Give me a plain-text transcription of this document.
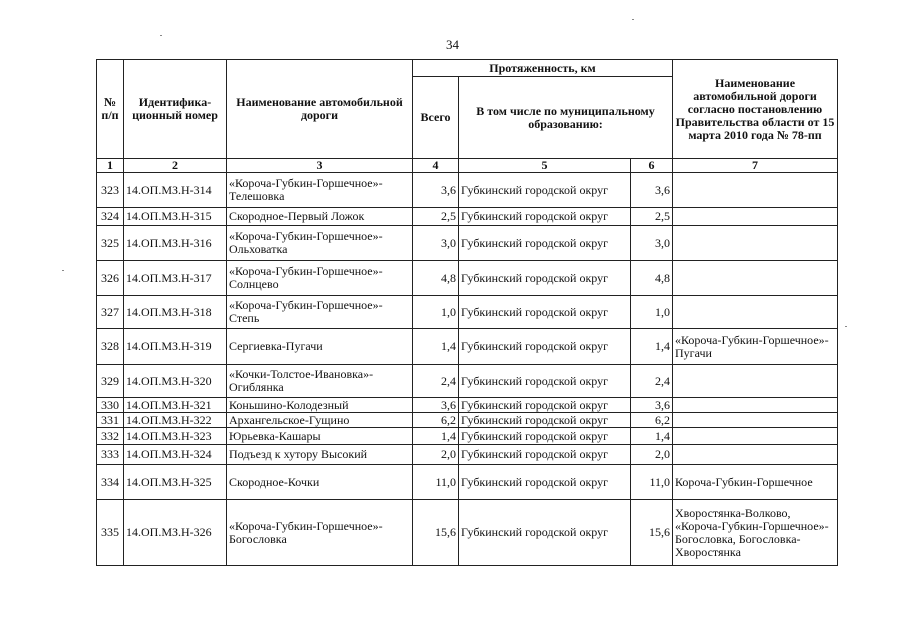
34
№ п/п	Идентифика-ционный номер	Наименование автомобильной дороги	Протяженность, км			Наименование автомобильной дороги согласно постановлению Правительства области от 15 марта 2010 года № 78-пп
			Всего	В том числе по муниципальному образованию:		
1	2	3	4	5	6	7
323	14.ОП.МЗ.Н-314	«Короча-Губкин-Горшечное»-Телешовка	3,6	Губкинский городской округ	3,6	
324	14.ОП.МЗ.Н-315	Скородное-Первый Ложок	2,5	Губкинский городской округ	2,5	
325	14.ОП.МЗ.Н-316	«Короча-Губкин-Горшечное»-Ольховатка	3,0	Губкинский городской округ	3,0	
326	14.ОП.МЗ.Н-317	«Короча-Губкин-Горшечное»-Солнцево	4,8	Губкинский городской округ	4,8	
327	14.ОП.МЗ.Н-318	«Короча-Губкин-Горшечное»-Степь	1,0	Губкинский городской округ	1,0	
328	14.ОП.МЗ.Н-319	Сергиевка-Пугачи	1,4	Губкинский городской округ	1,4	«Короча-Губкин-Горшечное»-Пугачи
329	14.ОП.МЗ.Н-320	«Кочки-Толстое-Ивановка»-Огиблянка	2,4	Губкинский городской округ	2,4	
330	14.ОП.МЗ.Н-321	Коньшино-Колодезный	3,6	Губкинский городской округ	3,6	
331	14.ОП.МЗ.Н-322	Архангельское-Гущино	6,2	Губкинский городской округ	6,2	
332	14.ОП.МЗ.Н-323	Юрьевка-Кашары	1,4	Губкинский городской округ	1,4	
333	14.ОП.МЗ.Н-324	Подъезд к хутору Высокий	2,0	Губкинский городской округ	2,0	
334	14.ОП.МЗ.Н-325	Скородное-Кочки	11,0	Губкинский городской округ	11,0	Короча-Губкин-Горшечное
335	14.ОП.МЗ.Н-326	«Короча-Губкин-Горшечное»-Богословка	15,6	Губкинский городской округ	15,6	Хворостянка-Волково, «Короча-Губкин-Горшечное»-Богословка, Богословка-Хворостянка
